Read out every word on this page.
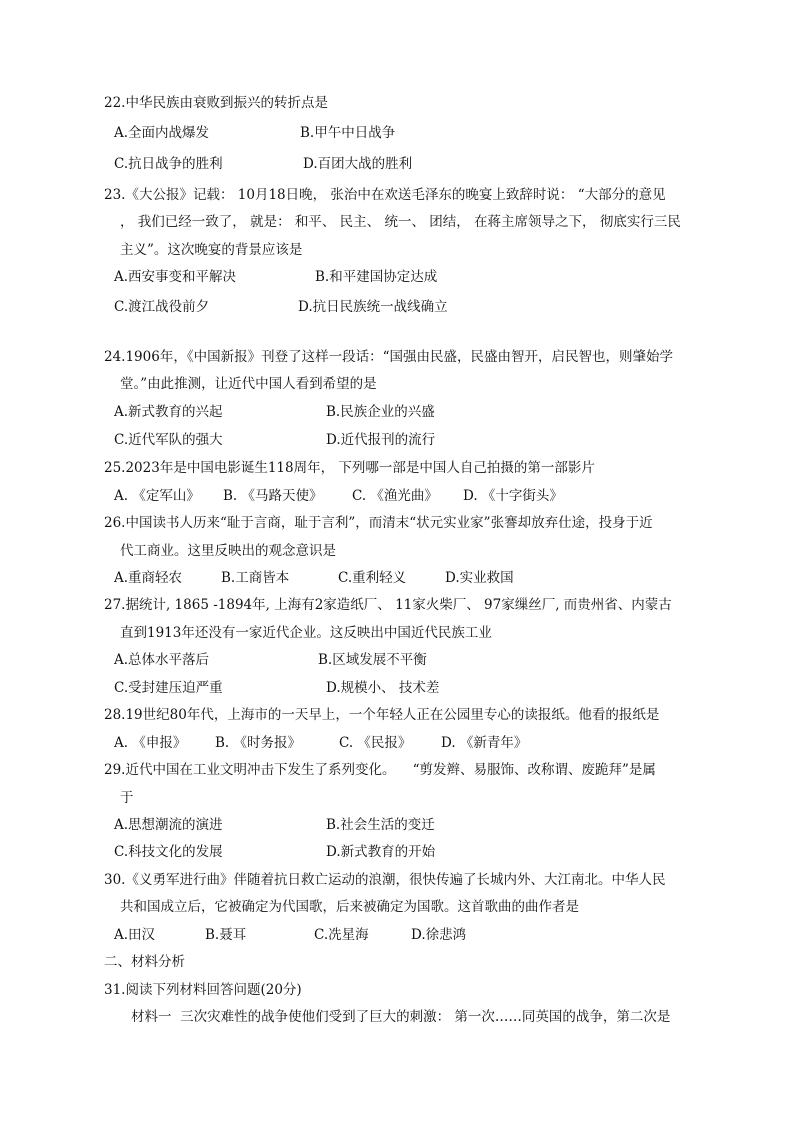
22.中华民族由衰败到振兴的转折点是
A.全面内战爆发	B.甲午中日战争
C.抗日战争的胜利	D.百团大战的胜利
23.《大公报》记载： 10月18日晚， 张治中在欢送毛泽东的晚宴上致辞时说： “大部分的意见
， 我们已经一致了， 就是： 和平、 民主、 统一、 团结， 在蒋主席领导之下， 彻底实行三民
主义”。这次晚宴的背景应该是
A.西安事变和平解决	B.和平建国协定达成
C.渡江战役前夕	D.抗日民族统一战线确立
24.1906年，《中国新报》刊登了这样一段话：“国强由民盛，民盛由智开，启民智也，则肇始学
堂。”由此推测，让近代中国人看到希望的是
A.新式教育的兴起	B.民族企业的兴盛
C.近代军队的强大	D.近代报刊的流行
25.2023年是中国电影诞生118周年， 下列哪一部是中国人自己拍摄的第一部影片
A. 《定军山》 B. 《马路天使》 C. 《渔光曲》 D. 《十字街头》
26.中国读书人历来“耻于言商，耻于言利”，而清末“状元实业家”张謇却放弃仕途，投身于近
代工商业。这里反映出的观念意识是
A.重商轻农	B.工商皆本	C.重利轻义	D.实业救国
27.据统计, 1865 -1894年, 上海有2家造纸厂、 11家火柴厂、 97家缫丝厂, 而贵州省、内蒙古
直到1913年还没有一家近代企业。这反映出中国近代民族工业
A.总体水平落后	B.区域发展不平衡
C.受封建压迫严重	D.规模小、 技术差
28.19世纪80年代，上海市的一天早上，一个年轻人正在公园里专心的读报纸。他看的报纸是
A. 《申报》 B. 《时务报》	C. 《民报》 D. 《新青年》
29.近代中国在工业文明冲击下发生了系列变化。    “剪发辫、易服饰、改称谓、废跪拜”是属
于
A.思想潮流的演进	B.社会生活的变迁
C.科技文化的发展	D.新式教育的开始
30.《义勇军进行曲》伴随着抗日救亡运动的浪潮，很快传遍了长城内外、大江南北。中华人民
共和国成立后，它被确定为代国歌，后来被确定为国歌。这首歌曲的曲作者是
A.田汉	B.聂耳	C.冼星海	D.徐悲鸿
二、材料分析
31.阅读下列材料回答问题(20分)
材料一  三次灾难性的战争使他们受到了巨大的刺激： 第一次……同英国的战争，第二次是
